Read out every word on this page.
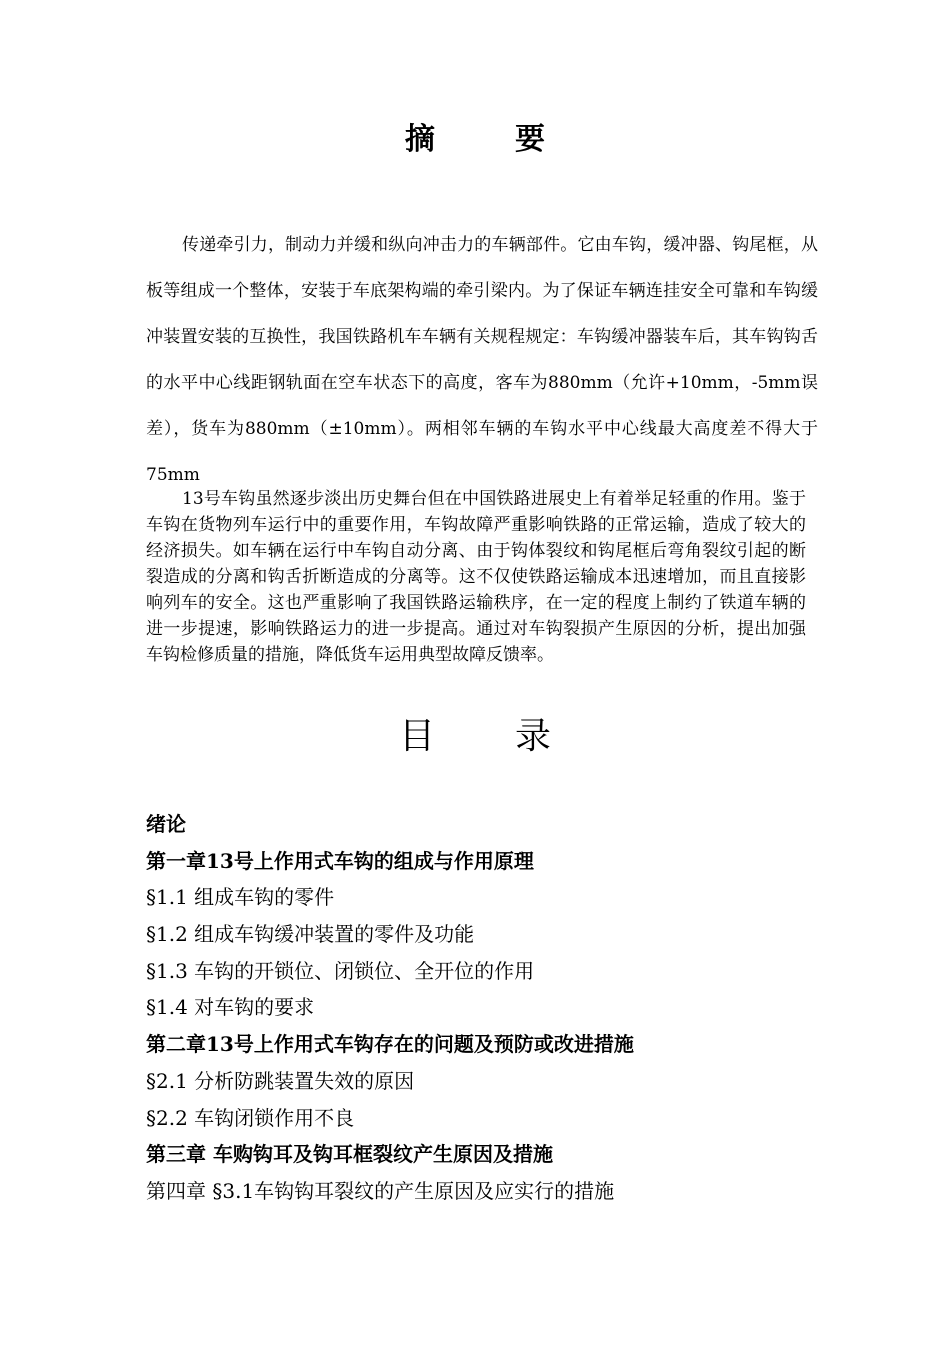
摘要

传递牵引力，制动力并缓和纵向冲击力的车辆部件。它由车钩，缓冲器、钩尾框，从板等组成一个整体，安装于车底架构端的牵引梁内。为了保证车辆连挂安全可靠和车钩缓冲装置安装的互换性，我国铁路机车车辆有关规程规定：车钩缓冲器装车后，其车钩钩舌的水平中心线距钢轨面在空车状态下的高度，客车为880mm（允许+10mm，-5mm误差），货车为880mm（±10mm）。两相邻车辆的车钩水平中心线最大高度差不得大于75mm

13号车钩虽然逐步淡出历史舞台但在中国铁路进展史上有着举足轻重的作用。鉴于车钩在货物列车运行中的重要作用，车钩故障严重影响铁路的正常运输，造成了较大的经济损失。如车辆在运行中车钩自动分离、由于钩体裂纹和钩尾框后弯角裂纹引起的断裂造成的分离和钩舌折断造成的分离等。这不仅使铁路运输成本迅速增加，而且直接影响列车的安全。这也严重影响了我国铁路运输秩序，在一定的程度上制约了铁道车辆的进一步提速，影响铁路运力的进一步提高。通过对车钩裂损产生原因的分析，提出加强车钩检修质量的措施，降低货车运用典型故障反馈率。

目录
绪论
第一章13号上作用式车钩的组成与作用原理
§1.1 组成车钩的零件
§1.2 组成车钩缓冲装置的零件及功能
§1.3 车钩的开锁位、闭锁位、全开位的作用
§1.4 对车钩的要求
第二章13号上作用式车钩存在的问题及预防或改进措施
§2.1 分析防跳装置失效的原因
§2.2 车钩闭锁作用不良
第三章 车购钩耳及钩耳框裂纹产生原因及措施
第四章 §3.1车钩钩耳裂纹的产生原因及应实行的措施
